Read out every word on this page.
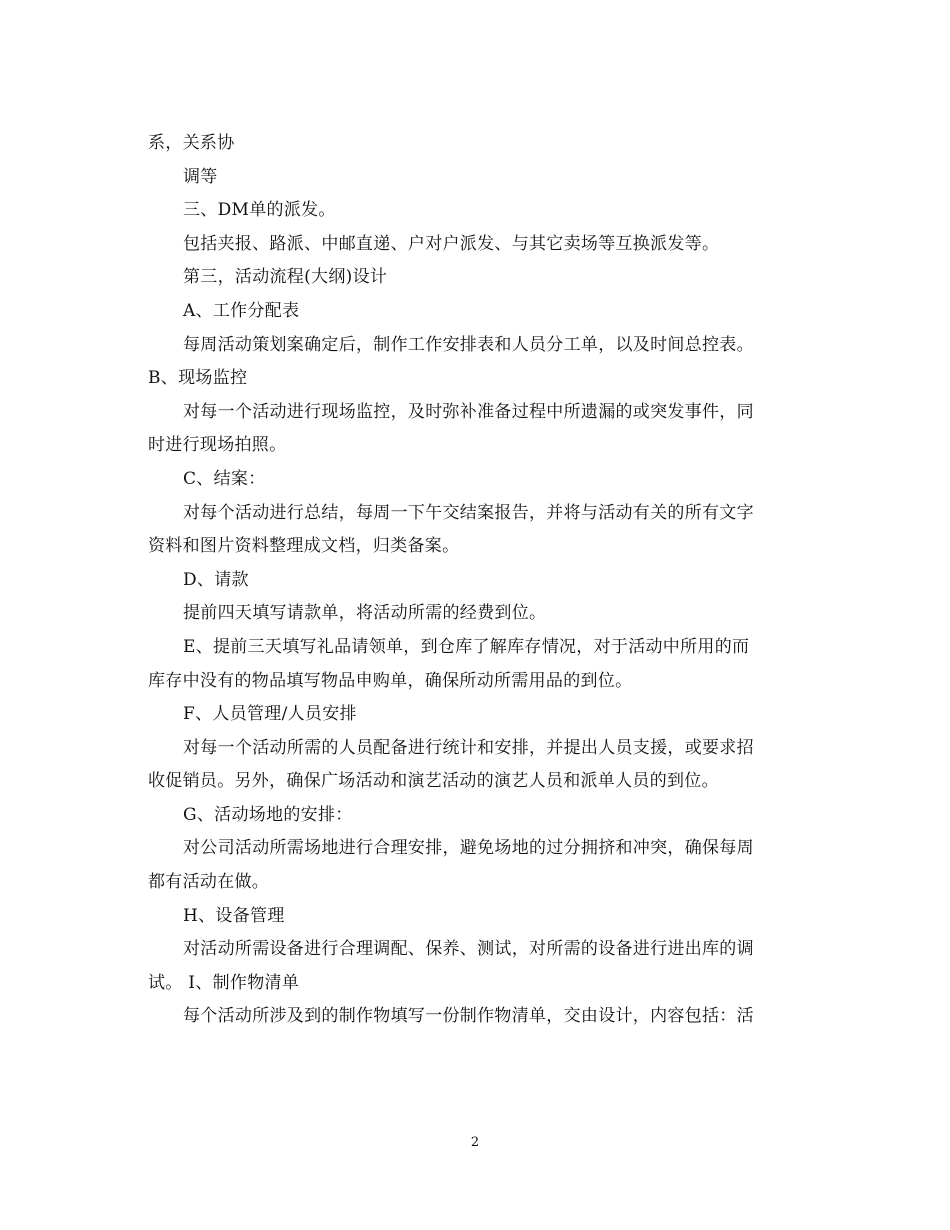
系，关系协

调等

三、DM单的派发。

包括夹报、路派、中邮直递、户对户派发、与其它卖场等互换派发等。

第三，活动流程(大纲)设计

A、工作分配表

每周活动策划案确定后，制作工作安排表和人员分工单，以及时间总控表。

B、现场监控

对每一个活动进行现场监控，及时弥补准备过程中所遗漏的或突发事件，同

时进行现场拍照。

C、结案：

对每个活动进行总结，每周一下午交结案报告，并将与活动有关的所有文字

资料和图片资料整理成文档，归类备案。

D、请款

提前四天填写请款单，将活动所需的经费到位。

E、提前三天填写礼品请领单，到仓库了解库存情况，对于活动中所用的而

库存中没有的物品填写物品申购单，确保所动所需用品的到位。

F、人员管理/人员安排

对每一个活动所需的人员配备进行统计和安排，并提出人员支援，或要求招

收促销员。另外，确保广场活动和演艺活动的演艺人员和派单人员的到位。

G、活动场地的安排：

对公司活动所需场地进行合理安排，避免场地的过分拥挤和冲突，确保每周

都有活动在做。

H、设备管理

对活动所需设备进行合理调配、保养、测试，对所需的设备进行进出库的调

试。 I、制作物清单

每个活动所涉及到的制作物填写一份制作物清单，交由设计，内容包括：活

2
